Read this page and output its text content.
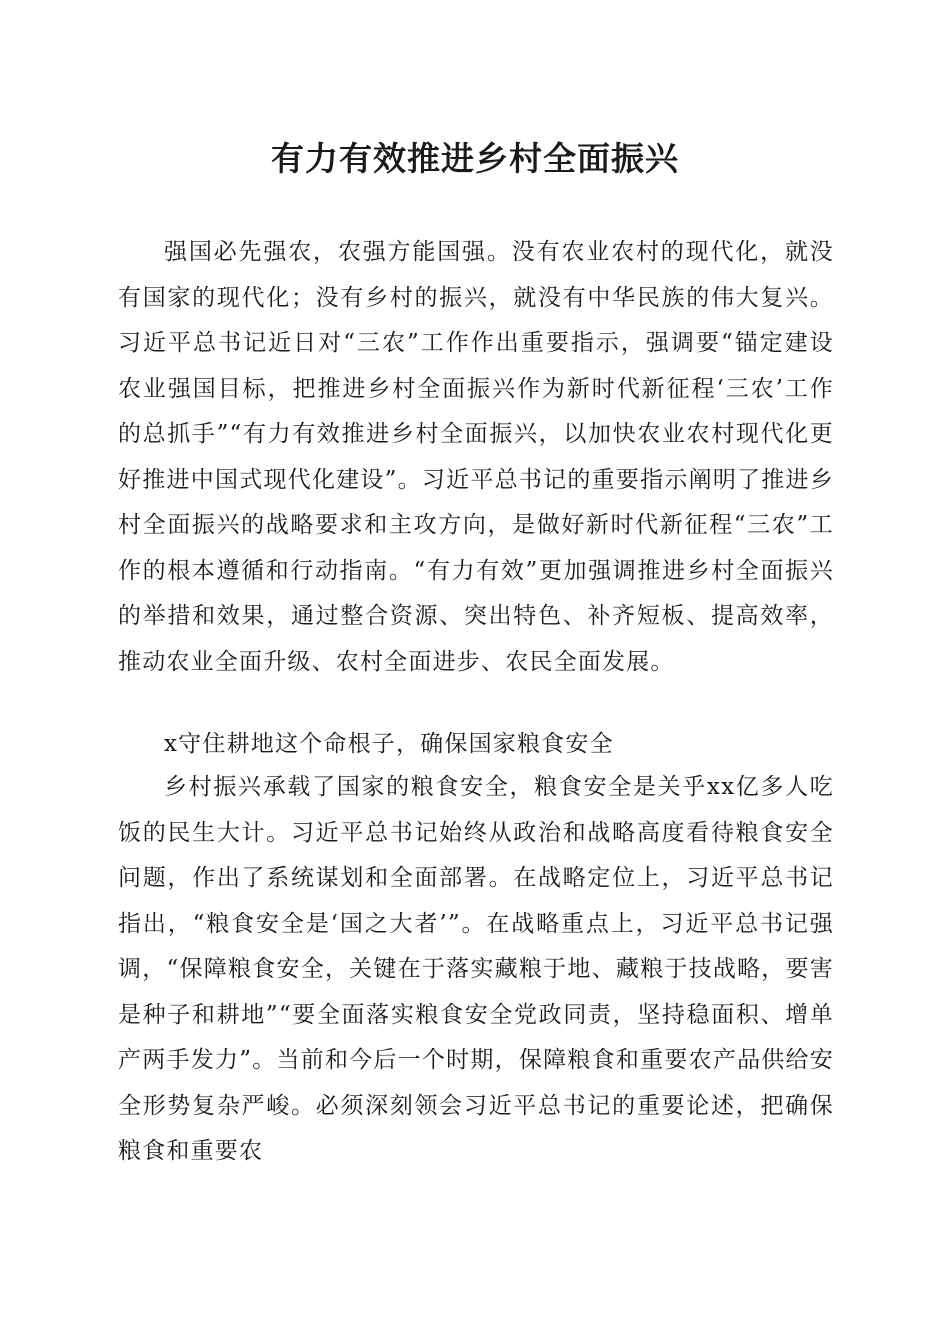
有力有效推进乡村全面振兴

强国必先强农，农强方能国强。没有农业农村的现代化，就没有国家的现代化；没有乡村的振兴，就没有中华民族的伟大复兴。习近平总书记近日对“三农”工作作出重要指示，强调要“锚定建设农业强国目标，把推进乡村全面振兴作为新时代新征程‘三农’工作的总抓手”“有力有效推进乡村全面振兴，以加快农业农村现代化更好推进中国式现代化建设”。习近平总书记的重要指示阐明了推进乡村全面振兴的战略要求和主攻方向，是做好新时代新征程“三农”工作的根本遵循和行动指南。“有力有效”更加强调推进乡村全面振兴的举措和效果，通过整合资源、突出特色、补齐短板、提高效率，推动农业全面升级、农村全面进步、农民全面发展。

x守住耕地这个命根子，确保国家粮食安全

乡村振兴承载了国家的粮食安全，粮食安全是关乎xx亿多人吃饭的民生大计。习近平总书记始终从政治和战略高度看待粮食安全问题，作出了系统谋划和全面部署。在战略定位上，习近平总书记指出，“粮食安全是‘国之大者’”。在战略重点上，习近平总书记强调，“保障粮食安全，关键在于落实藏粮于地、藏粮于技战略，要害是种子和耕地”“要全面落实粮食安全党政同责，坚持稳面积、增单产两手发力”。当前和今后一个时期，保障粮食和重要农产品供给安全形势复杂严峻。必须深刻领会习近平总书记的重要论述，把确保粮食和重要农
